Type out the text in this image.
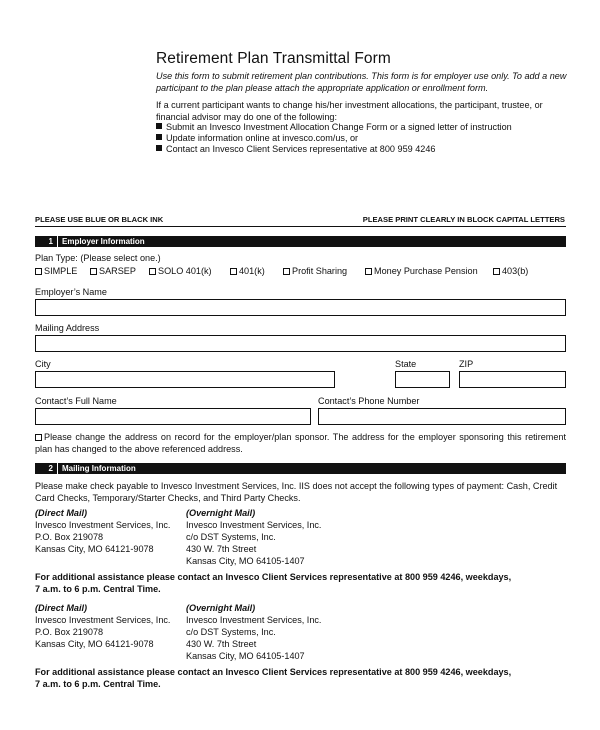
Retirement Plan Transmittal Form
Use this form to submit retirement plan contributions. This form is for employer use only. To add a new participant to the plan please attach the appropriate application or enrollment form.
If a current participant wants to change his/her investment allocations, the participant, trustee, or financial advisor may do one of the following:
Submit an Invesco Investment Allocation Change Form or a signed letter of instruction
Update information online at invesco.com/us, or
Contact an Invesco Client Services representative at 800 959 4246
PLEASE USE BLUE OR BLACK INK	PLEASE PRINT CLEARLY IN BLOCK CAPITAL LETTERS
1 Employer Information
Plan Type: (Please select one.)
SIMPLE	SARSEP	SOLO 401(k)	401(k)	Profit Sharing	Money Purchase Pension	403(b)
Employer’s Name
Mailing Address
City	State	ZIP
Contact’s Full Name	Contact’s Phone Number
Please change the address on record for the employer/plan sponsor. The address for the employer sponsoring this retirement plan has changed to the above referenced address.
2 Mailing Information
Please make check payable to Invesco Investment Services, Inc. IIS does not accept the following types of payment: Cash, Credit Card Checks, Temporary/Starter Checks, and Third Party Checks.
(Direct Mail)
Invesco Investment Services, Inc.
P.O. Box 219078
Kansas City, MO 64121-9078
(Overnight Mail)
Invesco Investment Services, Inc.
c/o DST Systems, Inc.
430 W. 7th Street
Kansas City, MO 64105-1407
For additional assistance please contact an Invesco Client Services representative at 800 959 4246, weekdays,
7 a.m. to 6 p.m. Central Time.
(Direct Mail)
Invesco Investment Services, Inc.
P.O. Box 219078
Kansas City, MO 64121-9078
(Overnight Mail)
Invesco Investment Services, Inc.
c/o DST Systems, Inc.
430 W. 7th Street
Kansas City, MO 64105-1407
For additional assistance please contact an Invesco Client Services representative at 800 959 4246, weekdays,
7 a.m. to 6 p.m. Central Time.
